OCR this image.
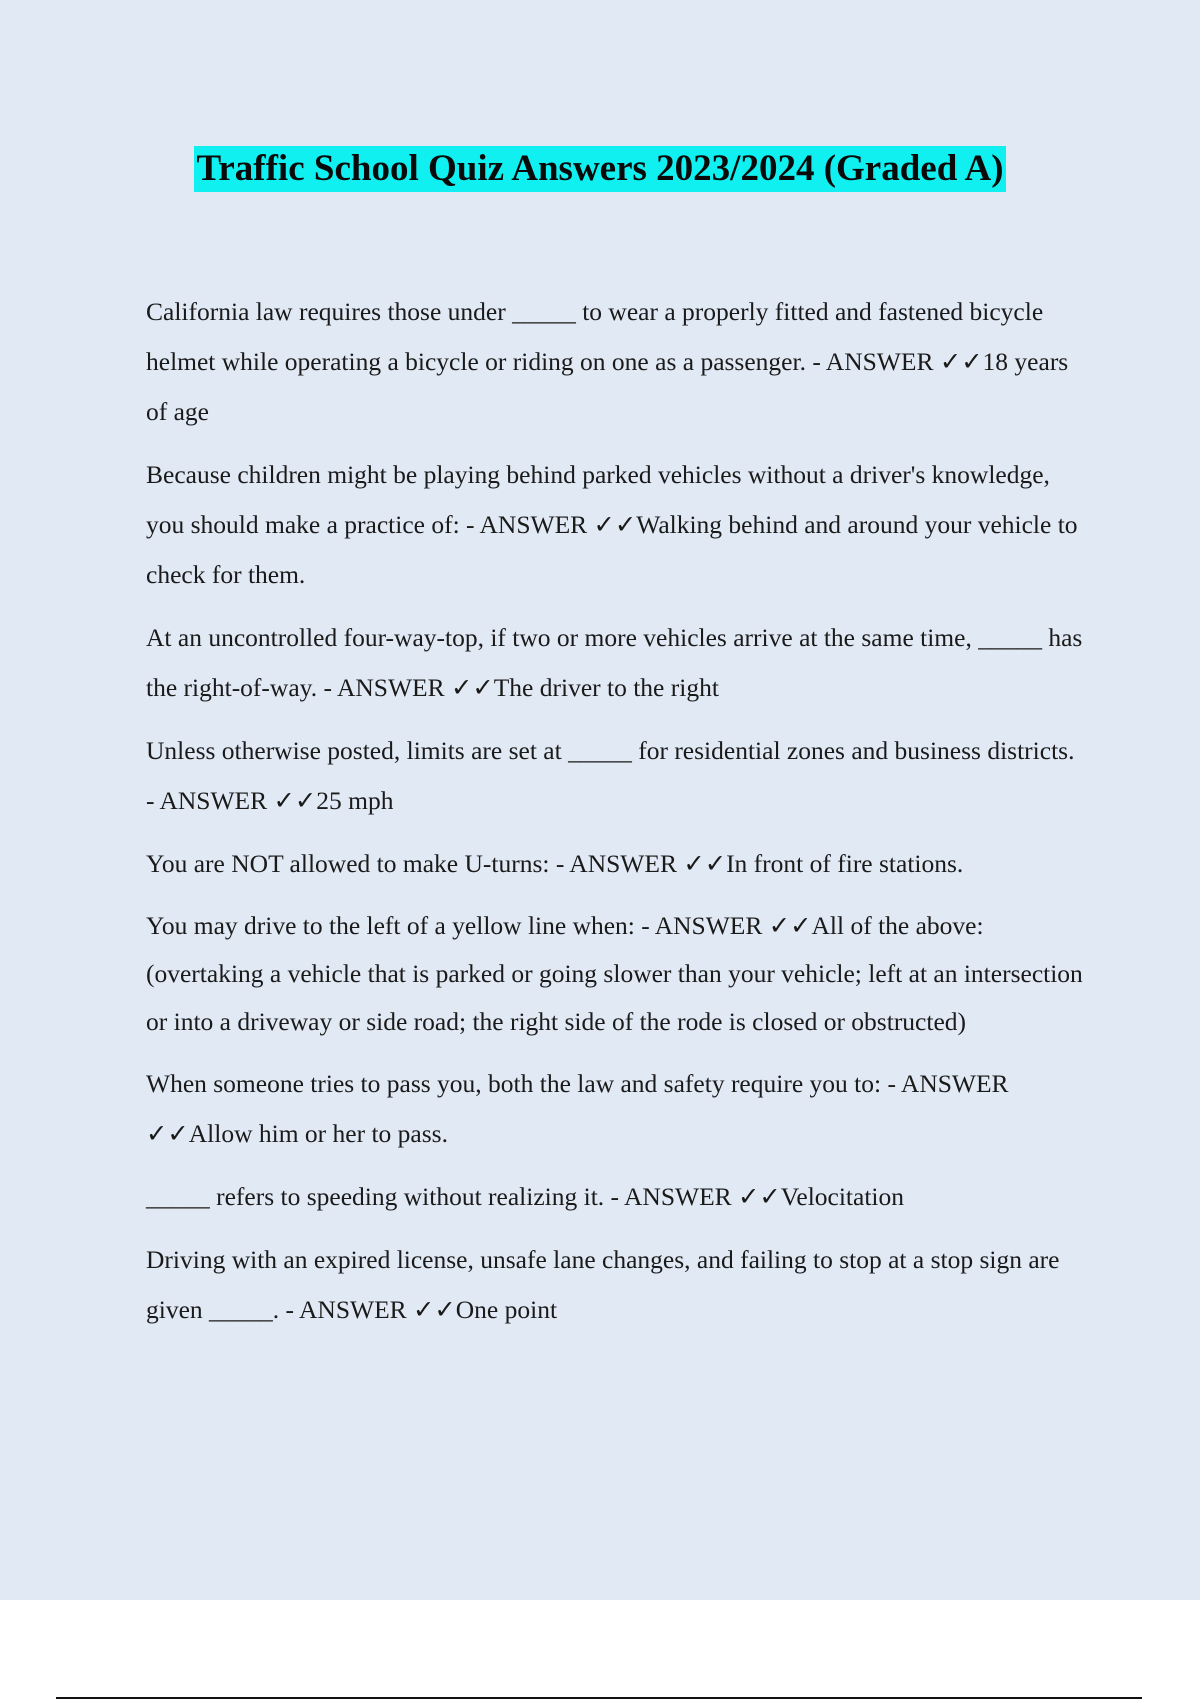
Traffic School Quiz Answers 2023/2024 (Graded A)

California law requires those under _____ to wear a properly fitted and fastened bicycle helmet while operating a bicycle or riding on one as a passenger. - ANSWER ✓✓18 years of age

Because children might be playing behind parked vehicles without a driver's knowledge, you should make a practice of: - ANSWER ✓✓Walking behind and around your vehicle to check for them.

At an uncontrolled four-way-top, if two or more vehicles arrive at the same time, _____ has the right-of-way. - ANSWER ✓✓The driver to the right

Unless otherwise posted, limits are set at _____ for residential zones and business districts. - ANSWER ✓✓25 mph

You are NOT allowed to make U-turns: - ANSWER ✓✓In front of fire stations.

You may drive to the left of a yellow line when: - ANSWER ✓✓All of the above: (overtaking a vehicle that is parked or going slower than your vehicle; left at an intersection or into a driveway or side road; the right side of the rode is closed or obstructed)

When someone tries to pass you, both the law and safety require you to: - ANSWER ✓✓Allow him or her to pass.

_____ refers to speeding without realizing it. - ANSWER ✓✓Velocitation

Driving with an expired license, unsafe lane changes, and failing to stop at a stop sign are given _____. - ANSWER ✓✓One point
